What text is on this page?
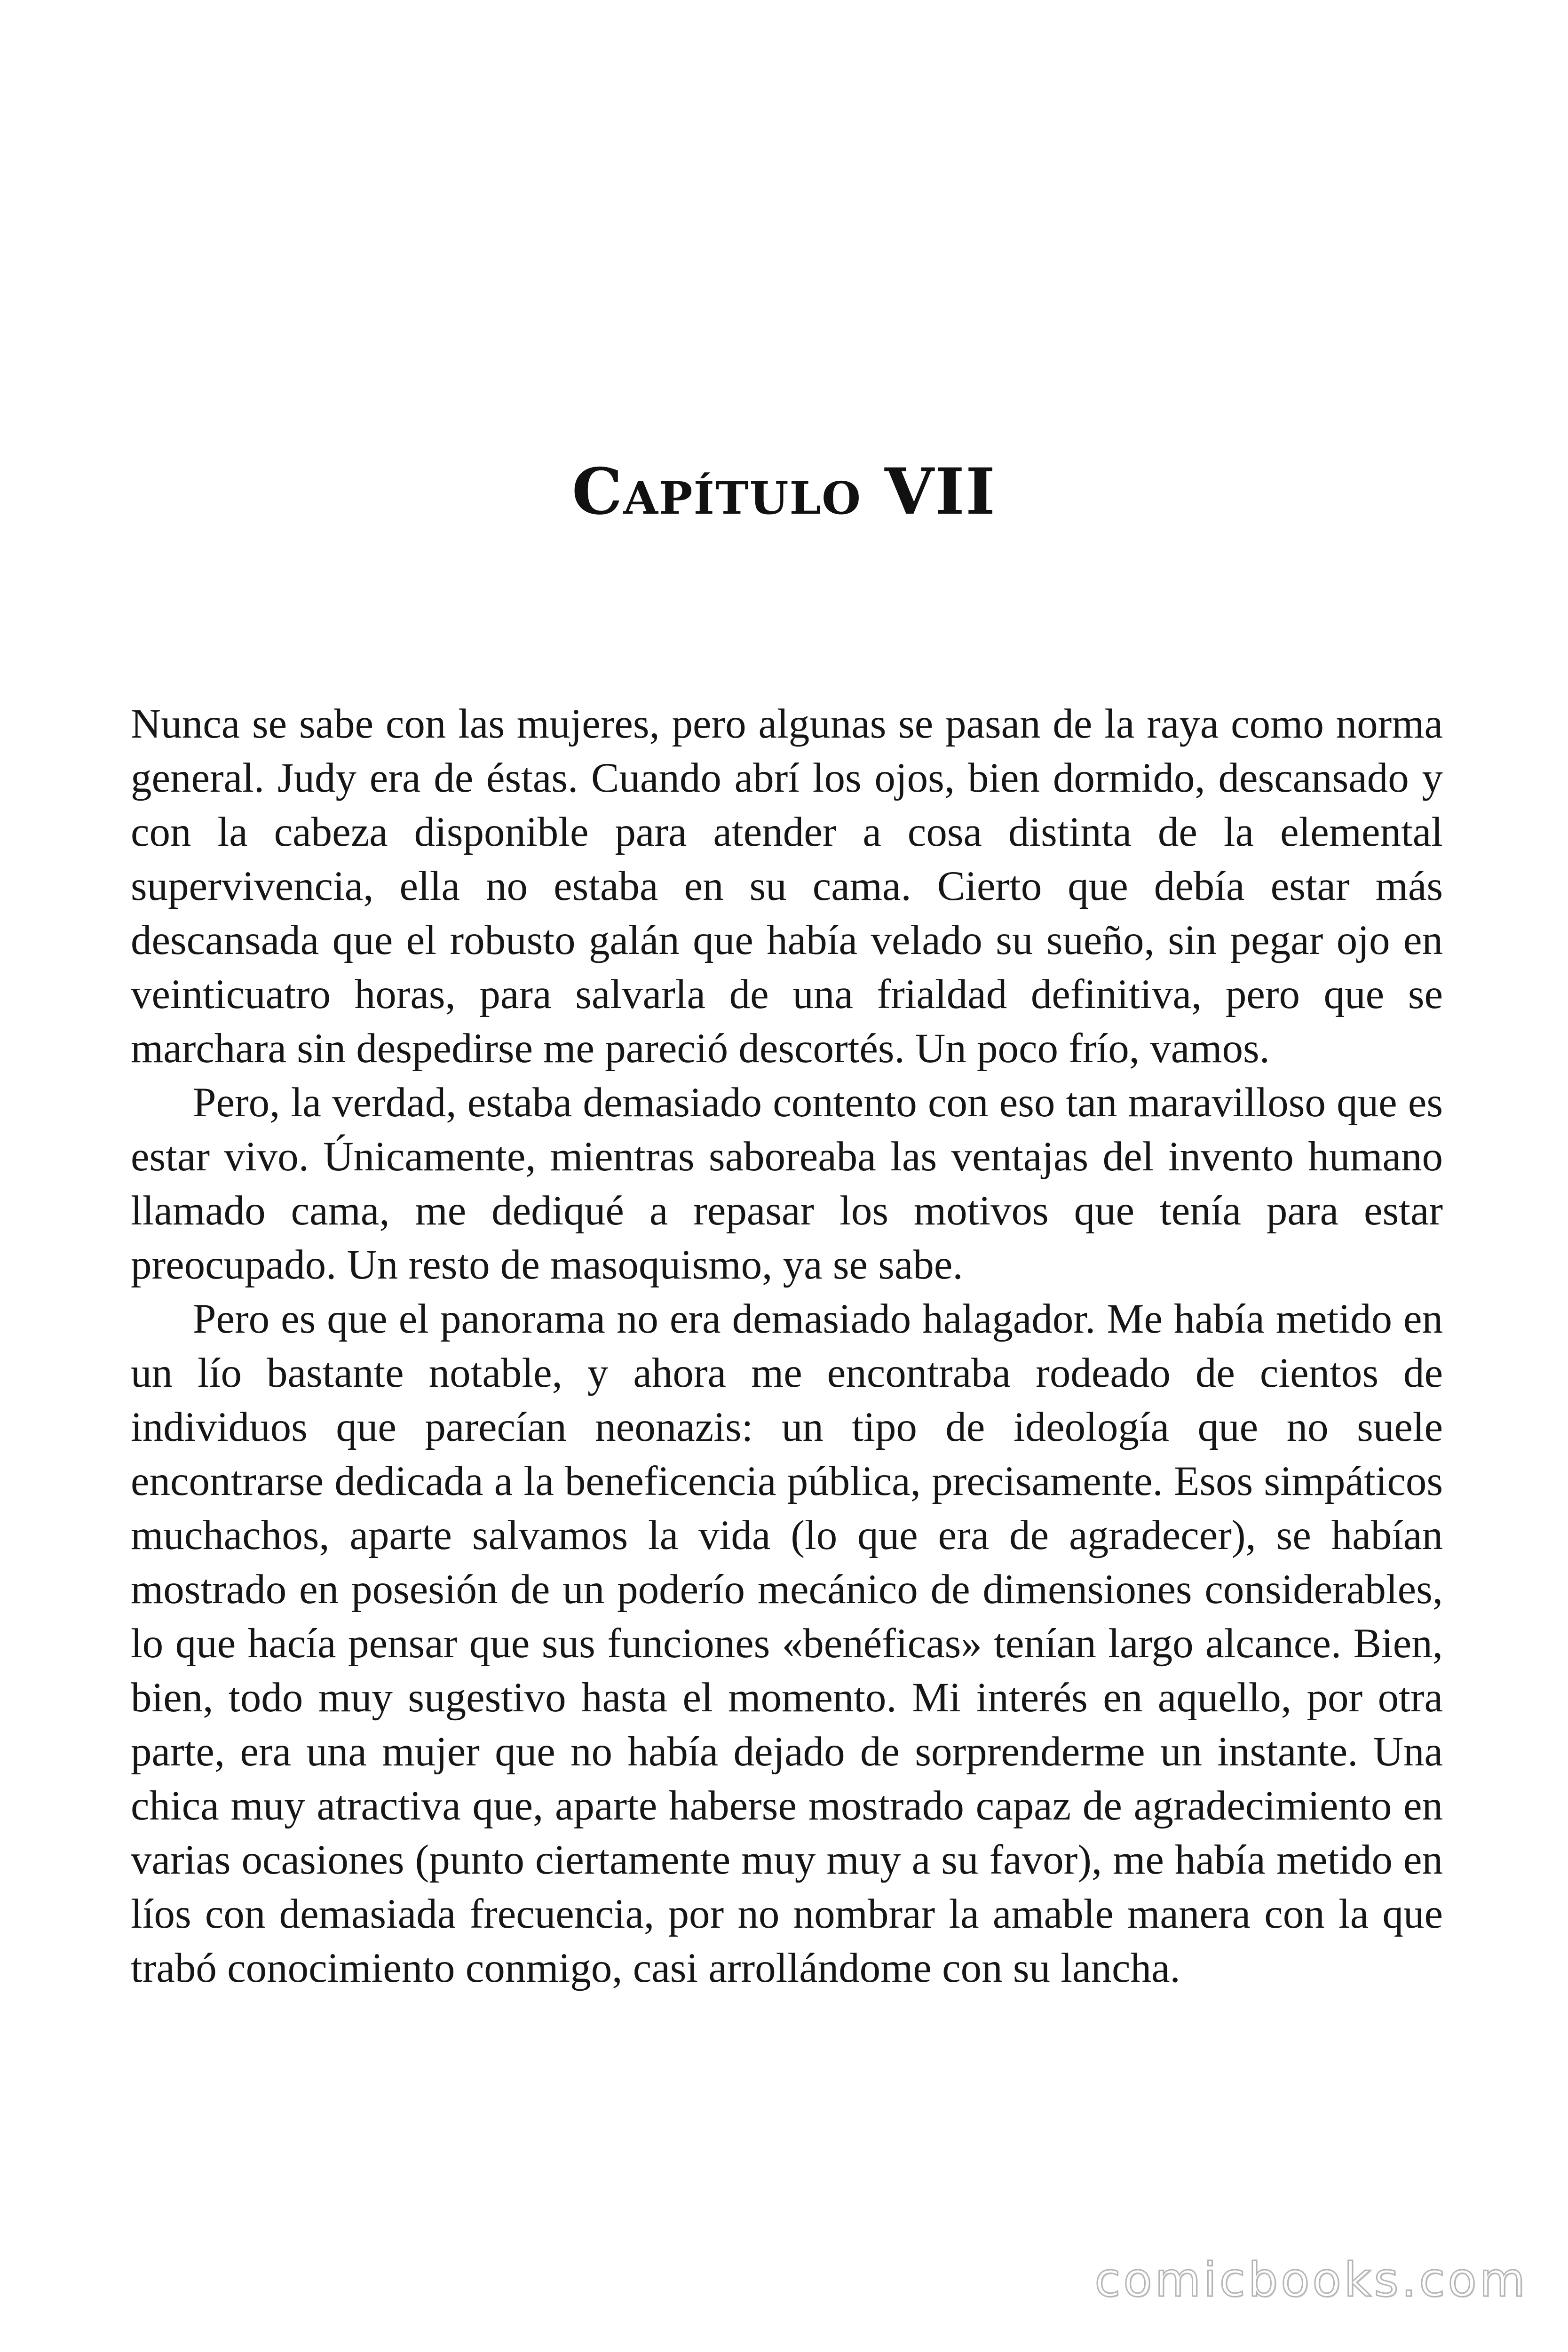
Capítulo VII

Nunca se sabe con las mujeres, pero algunas se pasan de la raya como norma general. Judy era de éstas. Cuando abrí los ojos, bien dormido, descansado y con la cabeza disponible para atender a cosa distinta de la elemental supervivencia, ella no estaba en su cama. Cierto que debía estar más descansada que el robusto galán que había velado su sueño, sin pegar ojo en veinticuatro horas, para salvarla de una frialdad definitiva, pero que se marchara sin despedirse me pareció descortés. Un poco frío, vamos.

Pero, la verdad, estaba demasiado contento con eso tan maravilloso que es estar vivo. Únicamente, mientras saboreaba las ventajas del invento humano llamado cama, me dediqué a repasar los motivos que tenía para estar preocupado. Un resto de masoquismo, ya se sabe.

Pero es que el panorama no era demasiado halagador. Me había metido en un lío bastante notable, y ahora me encontraba rodeado de cientos de individuos que parecían neonazis: un tipo de ideología que no suele encontrarse dedicada a la beneficencia pública, precisamente. Esos simpáticos muchachos, aparte salvamos la vida (lo que era de agradecer), se habían mostrado en posesión de un poderío mecánico de dimensiones considerables, lo que hacía pensar que sus funciones «benéficas» tenían largo alcance. Bien, bien, todo muy sugestivo hasta el momento. Mi interés en aquello, por otra parte, era una mujer que no había dejado de sorprenderme un instante. Una chica muy atractiva que, aparte haberse mostrado capaz de agradecimiento en varias ocasiones (punto ciertamente muy muy a su favor), me había metido en líos con demasiada frecuencia, por no nombrar la amable manera con la que trabó conocimiento conmigo, casi arrollándome con su lancha.

comicbooks.com
